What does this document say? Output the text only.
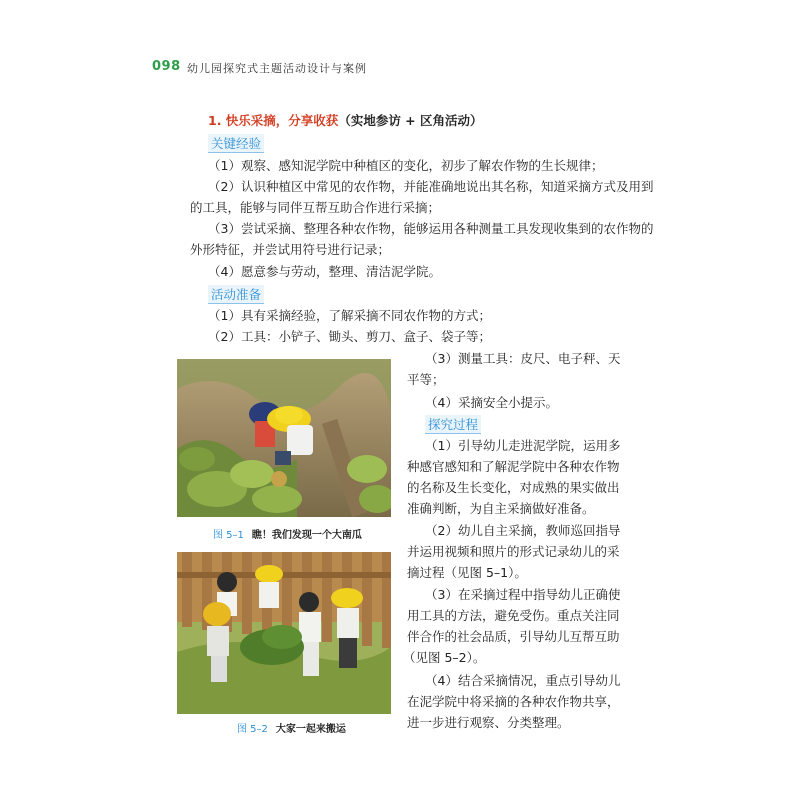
098 幼儿园探究式主题活动设计与案例
1. 快乐采摘，分享收获（实地参访 + 区角活动）
关键经验
（1）观察、感知泥学院中种植区的变化，初步了解农作物的生长规律；
（2）认识种植区中常见的农作物，并能准确地说出其名称，知道采摘方式及用到
的工具，能够与同伴互帮互助合作进行采摘；
（3）尝试采摘、整理各种农作物，能够运用各种测量工具发现收集到的农作物的
外形特征，并尝试用符号进行记录；
（4）愿意参与劳动，整理、清洁泥学院。
活动准备
（1）具有采摘经验，了解采摘不同农作物的方式；
（2）工具：小铲子、锄头、剪刀、盒子、袋子等；
（3）测量工具：皮尺、电子秤、天
平等；
（4）采摘安全小提示。
探究过程
（1）引导幼儿走进泥学院，运用多
种感官感知和了解泥学院中各种农作物
的名称及生长变化，对成熟的果实做出
准确判断，为自主采摘做好准备。
（2）幼儿自主采摘，教师巡回指导
并运用视频和照片的形式记录幼儿的采
摘过程（见图 5–1）。
（3）在采摘过程中指导幼儿正确使
用工具的方法，避免受伤。重点关注同
伴合作的社会品质，引导幼儿互帮互助
（见图 5–2）。
（4）结合采摘情况，重点引导幼儿
在泥学院中将采摘的各种农作物共享，
进一步进行观察、分类整理。
图 5–1 瞧！我们发现一个大南瓜
图 5–2 大家一起来搬运
